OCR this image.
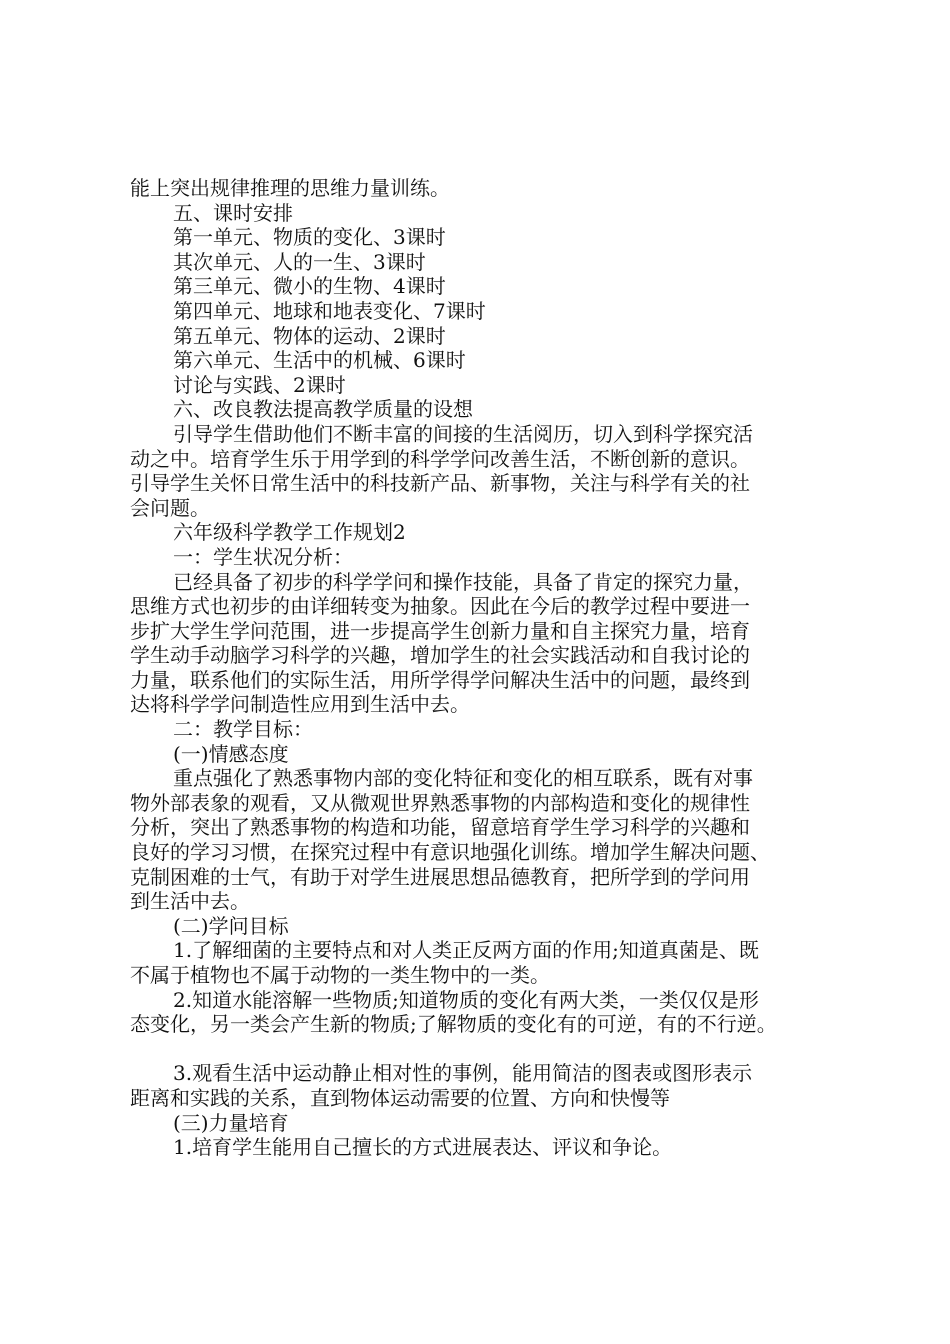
能上突出规律推理的思维力量训练。
五、课时安排
第一单元、物质的变化、3课时
其次单元、人的一生、3课时
第三单元、微小的生物、4课时
第四单元、地球和地表变化、7课时
第五单元、物体的运动、2课时
第六单元、生活中的机械、6课时
讨论与实践、2课时
六、改良教法提高教学质量的设想
引导学生借助他们不断丰富的间接的生活阅历，切入到科学探究活
动之中。培育学生乐于用学到的科学学问改善生活，不断创新的意识。
引导学生关怀日常生活中的科技新产品、新事物，关注与科学有关的社
会问题。
六年级科学教学工作规划2
一：学生状况分析：
已经具备了初步的科学学问和操作技能，具备了肯定的探究力量，
思维方式也初步的由详细转变为抽象。因此在今后的教学过程中要进一
步扩大学生学问范围，进一步提高学生创新力量和自主探究力量，培育
学生动手动脑学习科学的兴趣，增加学生的社会实践活动和自我讨论的
力量，联系他们的实际生活，用所学得学问解决生活中的问题，最终到
达将科学学问制造性应用到生活中去。
二：教学目标：
(一)情感态度
重点强化了熟悉事物内部的变化特征和变化的相互联系，既有对事
物外部表象的观看，又从微观世界熟悉事物的内部构造和变化的规律性
分析，突出了熟悉事物的构造和功能，留意培育学生学习科学的兴趣和
良好的学习习惯，在探究过程中有意识地强化训练。增加学生解决问题、
克制困难的士气，有助于对学生进展思想品德教育，把所学到的学问用
到生活中去。
(二)学问目标
1.了解细菌的主要特点和对人类正反两方面的作用;知道真菌是、既
不属于植物也不属于动物的一类生物中的一类。
2.知道水能溶解一些物质;知道物质的变化有两大类，一类仅仅是形
态变化，另一类会产生新的物质;了解物质的变化有的可逆，有的不行逆。
3.观看生活中运动静止相对性的事例，能用简洁的图表或图形表示
距离和实践的关系，直到物体运动需要的位置、方向和快慢等
(三)力量培育
1.培育学生能用自己擅长的方式进展表达、评议和争论。
